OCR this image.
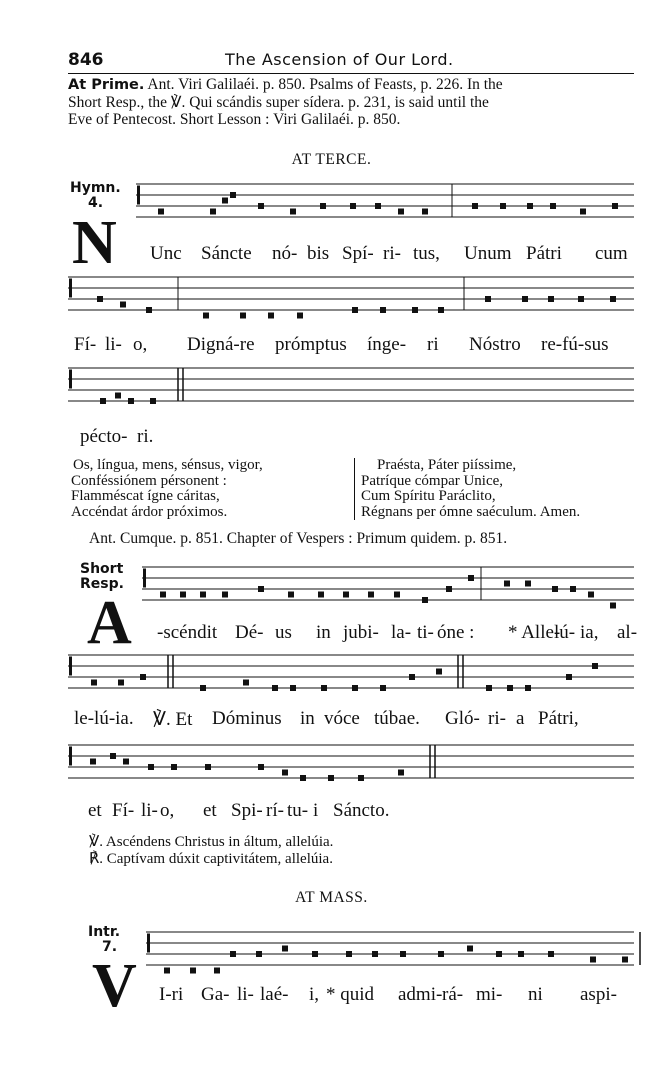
846	The Ascension of Our Lord.
At Prime. Ant. Viri Galilaéi. p. 850. Psalms of Feasts, p. 226. In the
Short Resp., the ℣. Qui scándis super sídera. p. 231, is said until the
Eve of Pentecost. Short Lesson : Viri Galilaéi. p. 850.
AT TERCE.
Hymn.
4.
N Unc Sáncte nó- bis Spí- ri- tus, Unum Pátri cum
Fí- li- o, Digná-re prómptus ínge- ri Nóstro re-fú-sus
pécto- ri.
Os, língua, mens, sénsus, vigor,
Conféssiónem pérsonent :
Flamméscat ígne cáritas,
Accéndat árdor próximos.
Praésta, Páter piíssime,
Patríque cómpar Unice,
Cum Spíritu Paráclito,
Régnans per ómne saéculum. Amen.
Ant. Cumque. p. 851. Chapter of Vespers : Primum quidem. p. 851.
Short
Resp.
A -scéndit Dé- us in jubi- la- ti- óne : * Alle-
lú- ia, al-
le-lú-ia. ℣. Et Dóminus in vóce túbae. Gló- ri- a Pátri,
et Fí- li- o, et Spi- rí- tu- i Sáncto.
℣. Ascéndens Christus in áltum, allelúia.
℟. Captívam dúxit captivitátem, allelúia.
AT MASS.
Intr.
7.
V I-ri Ga- li- laé- i, * quid admi- rá- mi- ni aspi-
